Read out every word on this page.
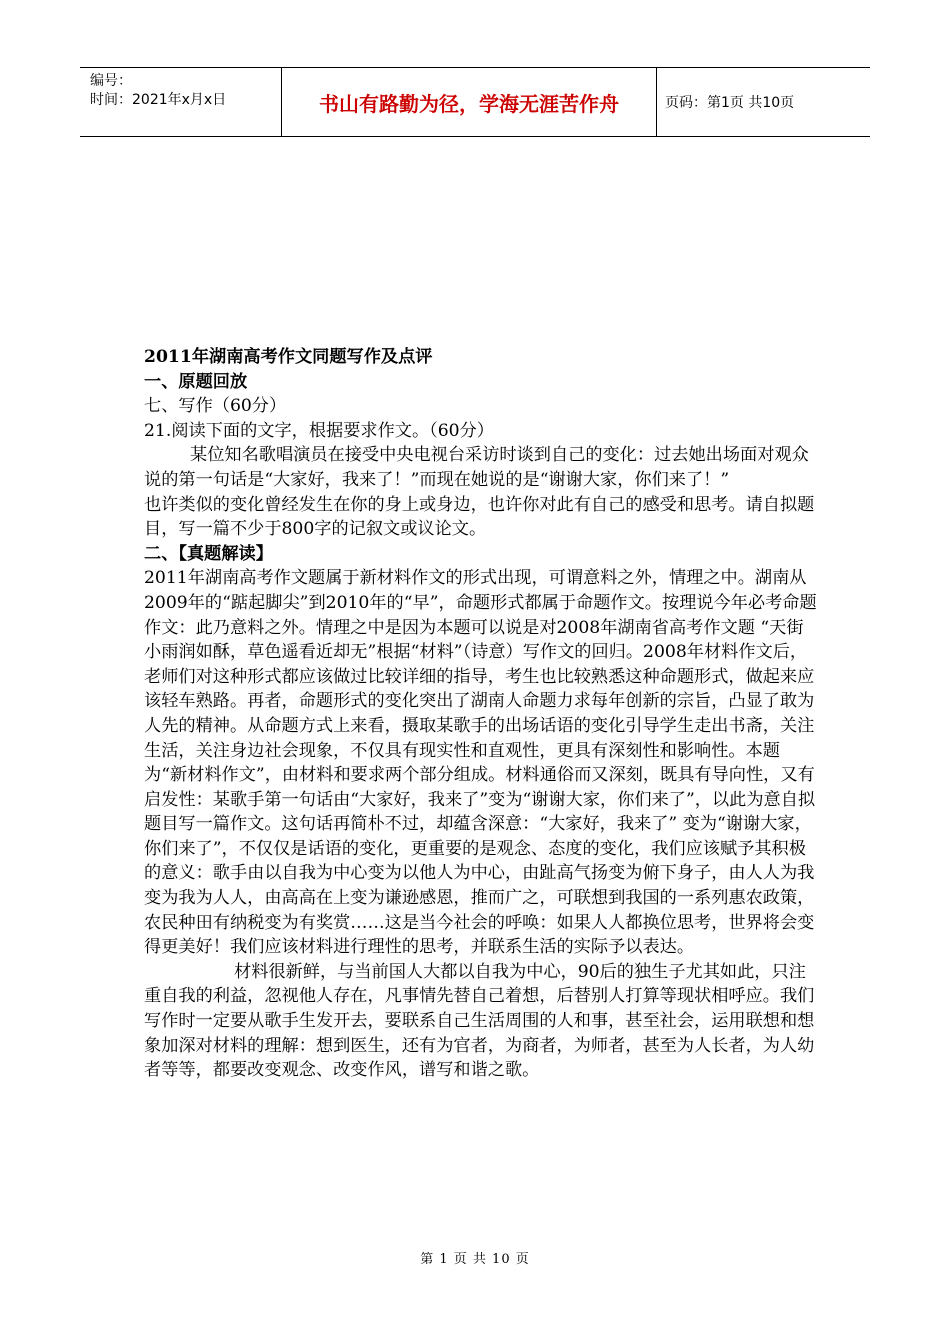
编号：
时间：2021年x月x日	书山有路勤为径，学海无涯苦作舟	页码：第1页 共10页

2011年湖南高考作文同题写作及点评

一、原题回放

七、写作（60分）

21.阅读下面的文字，根据要求作文。（60分）

某位知名歌唱演员在接受中央电视台采访时谈到自己的变化：过去她出场面对观众说的第一句话是“大家好，我来了！”而现在她说的是“谢谢大家，你们来了！”

也许类似的变化曾经发生在你的身上或身边，也许你对此有自己的感受和思考。请自拟题目，写一篇不少于800字的记叙文或议论文。

二、【真题解读】

2011年湖南高考作文题属于新材料作文的形式出现，可谓意料之外，情理之中。湖南从2009年的“踮起脚尖”到2010年的“早”，命题形式都属于命题作文。按理说今年必考命题作文：此乃意料之外。情理之中是因为本题可以说是对2008年湖南省高考作文题 “天街小雨润如酥，草色遥看近却无”根据“材料”（诗意）写作文的回归。2008年材料作文后，老师们对这种形式都应该做过比较详细的指导，考生也比较熟悉这种命题形式，做起来应该轻车熟路。再者，命题形式的变化突出了湖南人命题力求每年创新的宗旨，凸显了敢为人先的精神。从命题方式上来看，摄取某歌手的出场话语的变化引导学生走出书斋，关注生活，关注身边社会现象，不仅具有现实性和直观性，更具有深刻性和影响性。本题为“新材料作文”，由材料和要求两个部分组成。材料通俗而又深刻，既具有导向性，又有启发性：某歌手第一句话由“大家好，我来了”变为“谢谢大家，你们来了”，以此为意自拟题目写一篇作文。这句话再简朴不过，却蕴含深意：“大家好，我来了” 变为“谢谢大家，你们来了”，不仅仅是话语的变化，更重要的是观念、态度的变化，我们应该赋予其积极的意义：歌手由以自我为中心变为以他人为中心，由趾高气扬变为俯下身子，由人人为我变为我为人人，由高高在上变为谦逊感恩，推而广之，可联想到我国的一系列惠农政策，农民种田有纳税变为有奖赏……这是当今社会的呼唤：如果人人都换位思考，世界将会变得更美好！我们应该材料进行理性的思考，并联系生活的实际予以表达。

材料很新鲜，与当前国人大都以自我为中心，90后的独生子尤其如此，只注重自我的利益，忽视他人存在，凡事情先替自己着想，后替别人打算等现状相呼应。我们写作时一定要从歌手生发开去，要联系自己生活周围的人和事，甚至社会，运用联想和想象加深对材料的理解：想到医生，还有为官者，为商者，为师者，甚至为人长者，为人幼者等等，都要改变观念、改变作风，谱写和谐之歌。

第 1 页 共 10 页
